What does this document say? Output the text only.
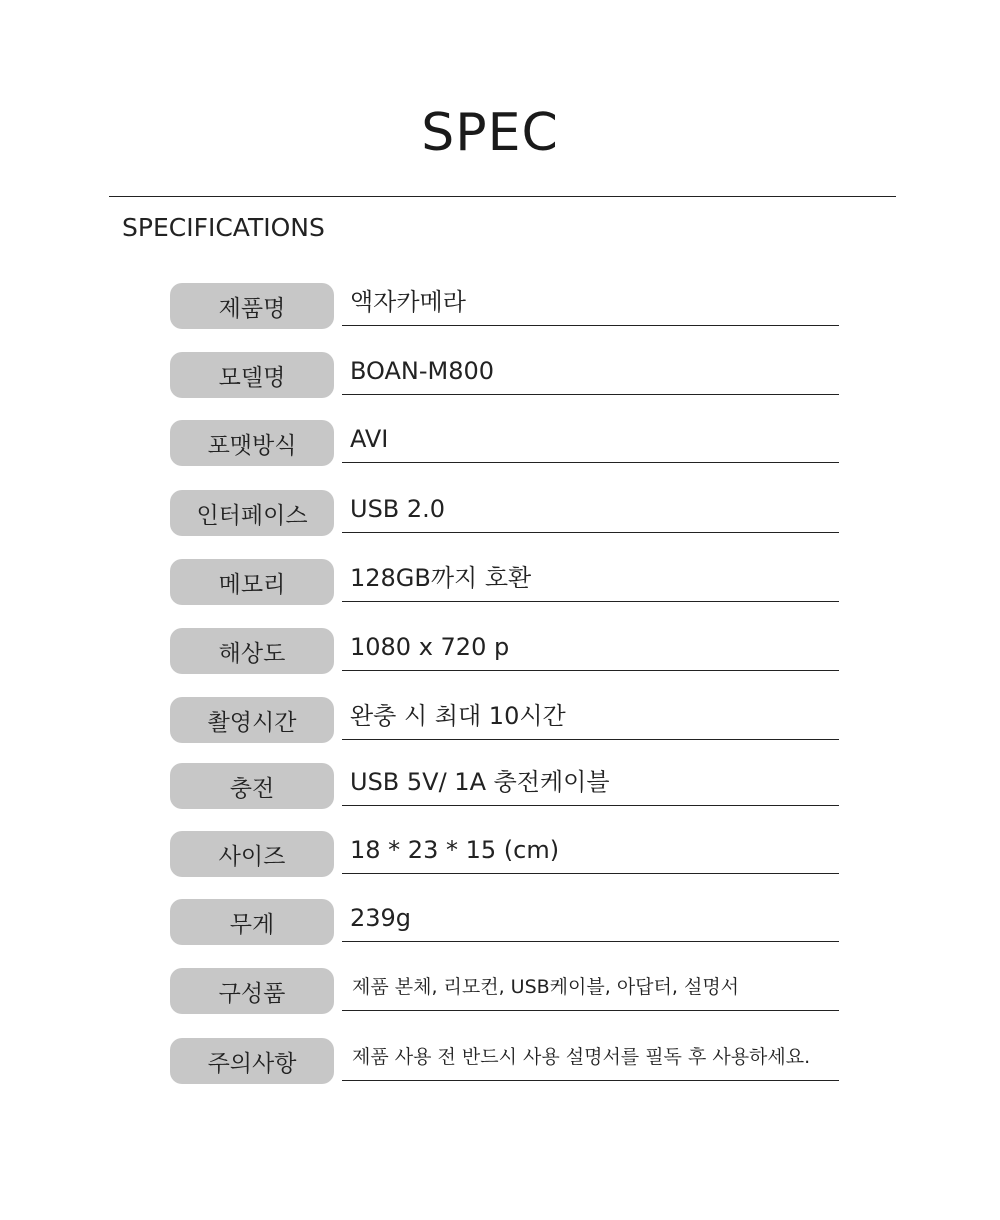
SPEC
SPECIFICATIONS
제품명	액자카메라
모델명	BOAN-M800
포맷방식	AVI
인터페이스	USB 2.0
메모리	128GB까지 호환
해상도	1080 x 720 p
촬영시간	완충 시 최대 10시간
충전	USB 5V/ 1A 충전케이블
사이즈	18 * 23 * 15 (cm)
무게	239g
구성품	제품 본체, 리모컨, USB케이블, 아답터, 설명서
주의사항	제품 사용 전 반드시 사용 설명서를 필독 후 사용하세요.
